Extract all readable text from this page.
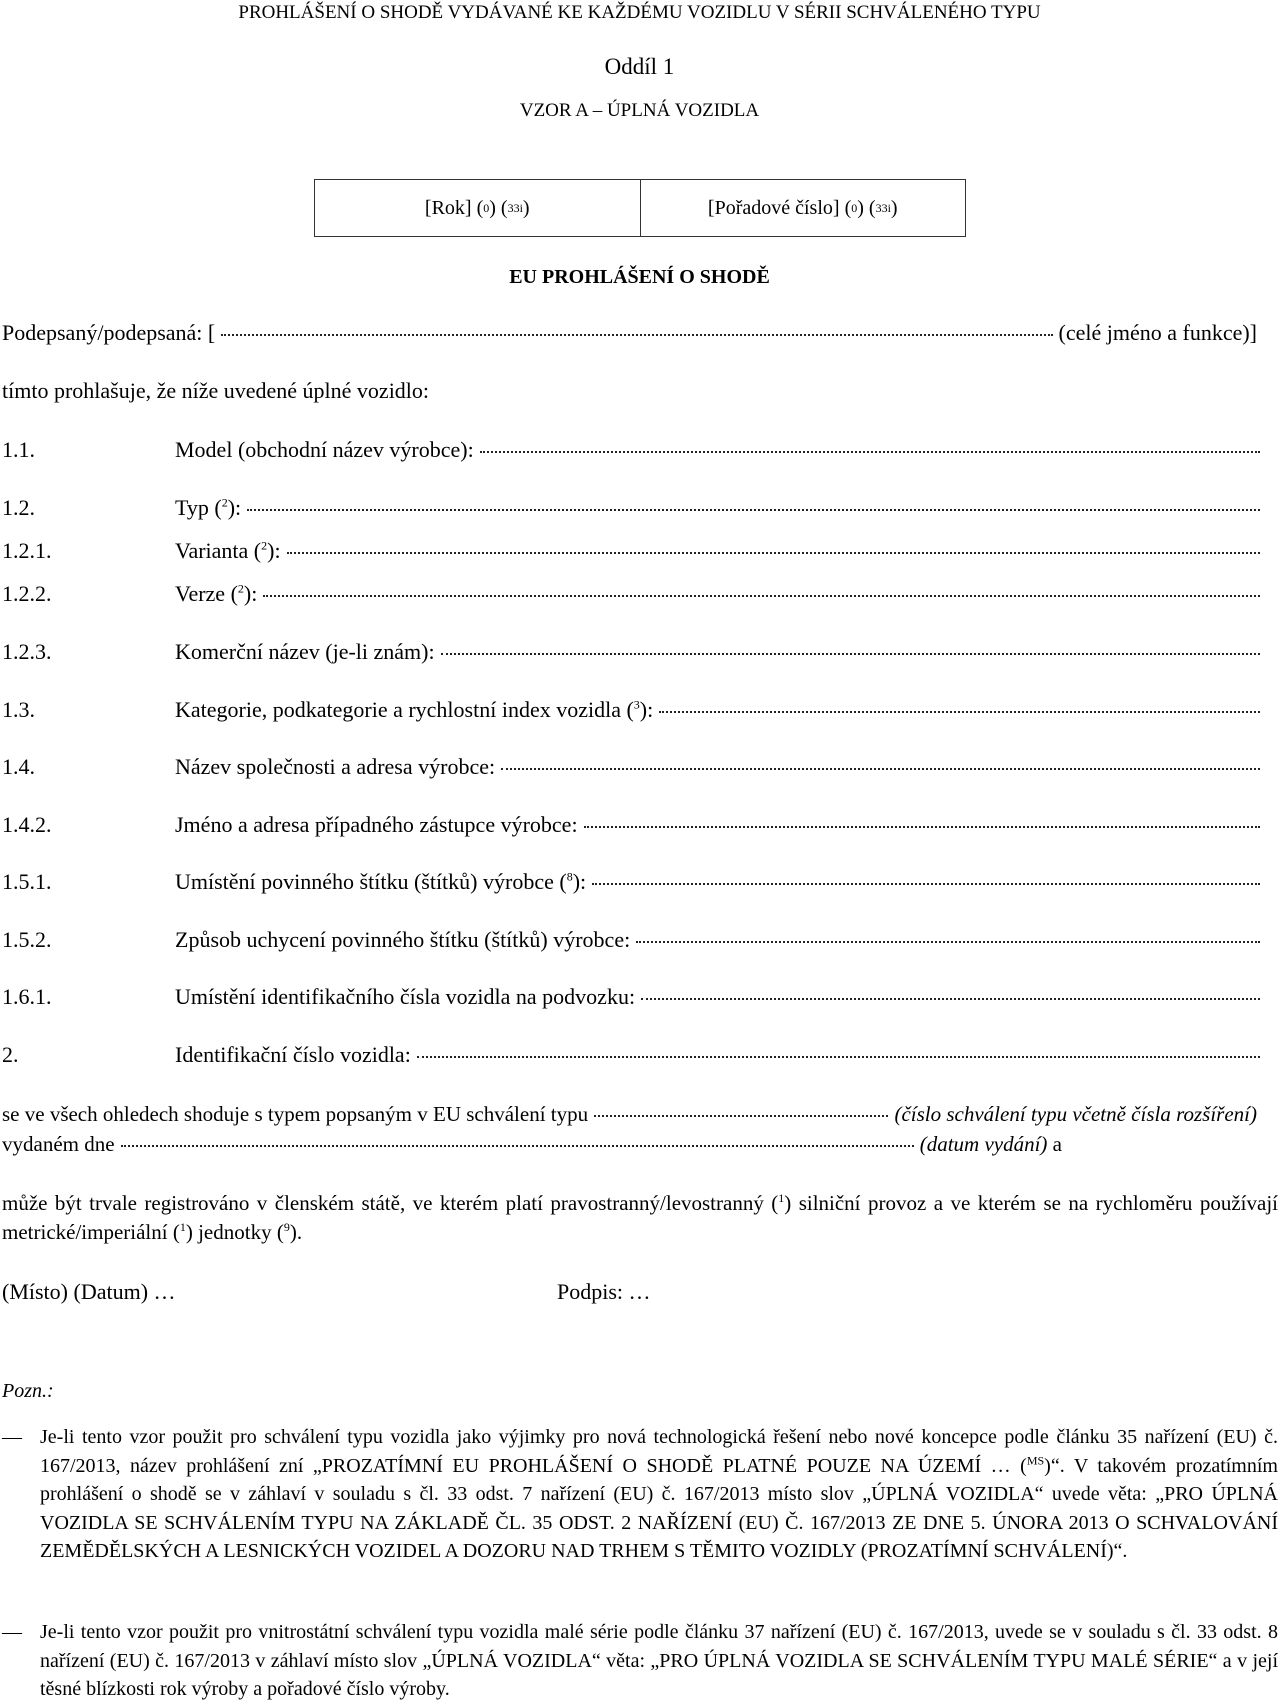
PROHLÁŠENÍ O SHODĚ VYDÁVANÉ KE KAŽDÉMU VOZIDLU V SÉRII SCHVÁLENÉHO TYPU
Oddíl 1
VZOR A – ÚPLNÁ VOZIDLA
[Rok] ( 0 ) ( 33i )	[Pořadové číslo] ( 0 ) ( 33i )
EU PROHLÁŠENÍ O SHODĚ
Podepsaný/podepsaná: [	(celé jméno a funkce)]
tímto prohlašuje, že níže uvedené úplné vozidlo:
1.1.	Model (obchodní název výrobce):
1.2.	Typ ($^2$):
1.2.1.	Varianta ($^2$):
1.2.2.	Verze ($^2$):
1.2.3.	Komerční název (je-li znám):
1.3.	Kategorie, podkategorie a rychlostní index vozidla ($^3$):
1.4.	Název společnosti a adresa výrobce:
1.4.2.	Jméno a adresa případného zástupce výrobce:
1.5.1.	Umístění povinného štítku (štítků) výrobce ($^8$):
1.5.2.	Způsob uchycení povinného štítku (štítků) výrobce:
1.6.1.	Umístění identifikačního čísla vozidla na podvozku:
2.	Identifikační číslo vozidla:
se ve všech ohledech shoduje s typem popsaným v EU schválení typu	(číslo schválení typu včetně čísla rozšíření)
vydaném dne	(datum vydání)
a
může být trvale registrováno v členském státě, ve kterém platí pravostranný/levostranný ($^1$) silniční provoz a ve kterém se na rychloměru používají metrické/imperiální ($^1$) jednotky ($^9$).
(Místo) (Datum) …	Podpis: …
Pozn.:
— Je-li tento vzor použit pro schválení typu vozidla jako výjimky pro nová technologická řešení nebo nové koncepce podle článku 35 nařízení (EU) č. 167/2013, název prohlášení zní „PROZATÍMNÍ EU PROHLÁŠENÍ O SHODĚ PLATNÉ POUZE NA ÚZEMÍ … ($^{MS}$)“. V takovém prozatímním prohlášení o shodě se v záhlaví v souladu s čl. 33 odst. 7 nařízení (EU) č. 167/2013 místo slov „ÚPLNÁ VOZIDLA“ uvede věta: „PRO ÚPLNÁ VOZIDLA SE SCHVÁLENÍM TYPU NA ZÁKLADĚ ČL. 35 ODST. 2 NAŘÍZENÍ (EU) Č. 167/2013 ZE DNE 5. ÚNORA 2013 O SCHVALOVÁNÍ ZEMĚDĚLSKÝCH A LESNICKÝCH VOZIDEL A DOZORU NAD TRHEM S TĚMITO VOZIDLY (PROZATÍMNÍ SCHVÁLENÍ)“.
— Je-li tento vzor použit pro vnitrostátní schválení typu vozidla malé série podle článku 37 nařízení (EU) č. 167/2013, uvede se v souladu s čl. 33 odst. 8 nařízení (EU) č. 167/2013 v záhlaví místo slov „ÚPLNÁ VOZIDLA“ věta: „PRO ÚPLNÁ VOZIDLA SE SCHVÁLENÍM TYPU MALÉ SÉRIE“ a v její těsné blízkosti rok výroby a pořadové číslo výroby.
